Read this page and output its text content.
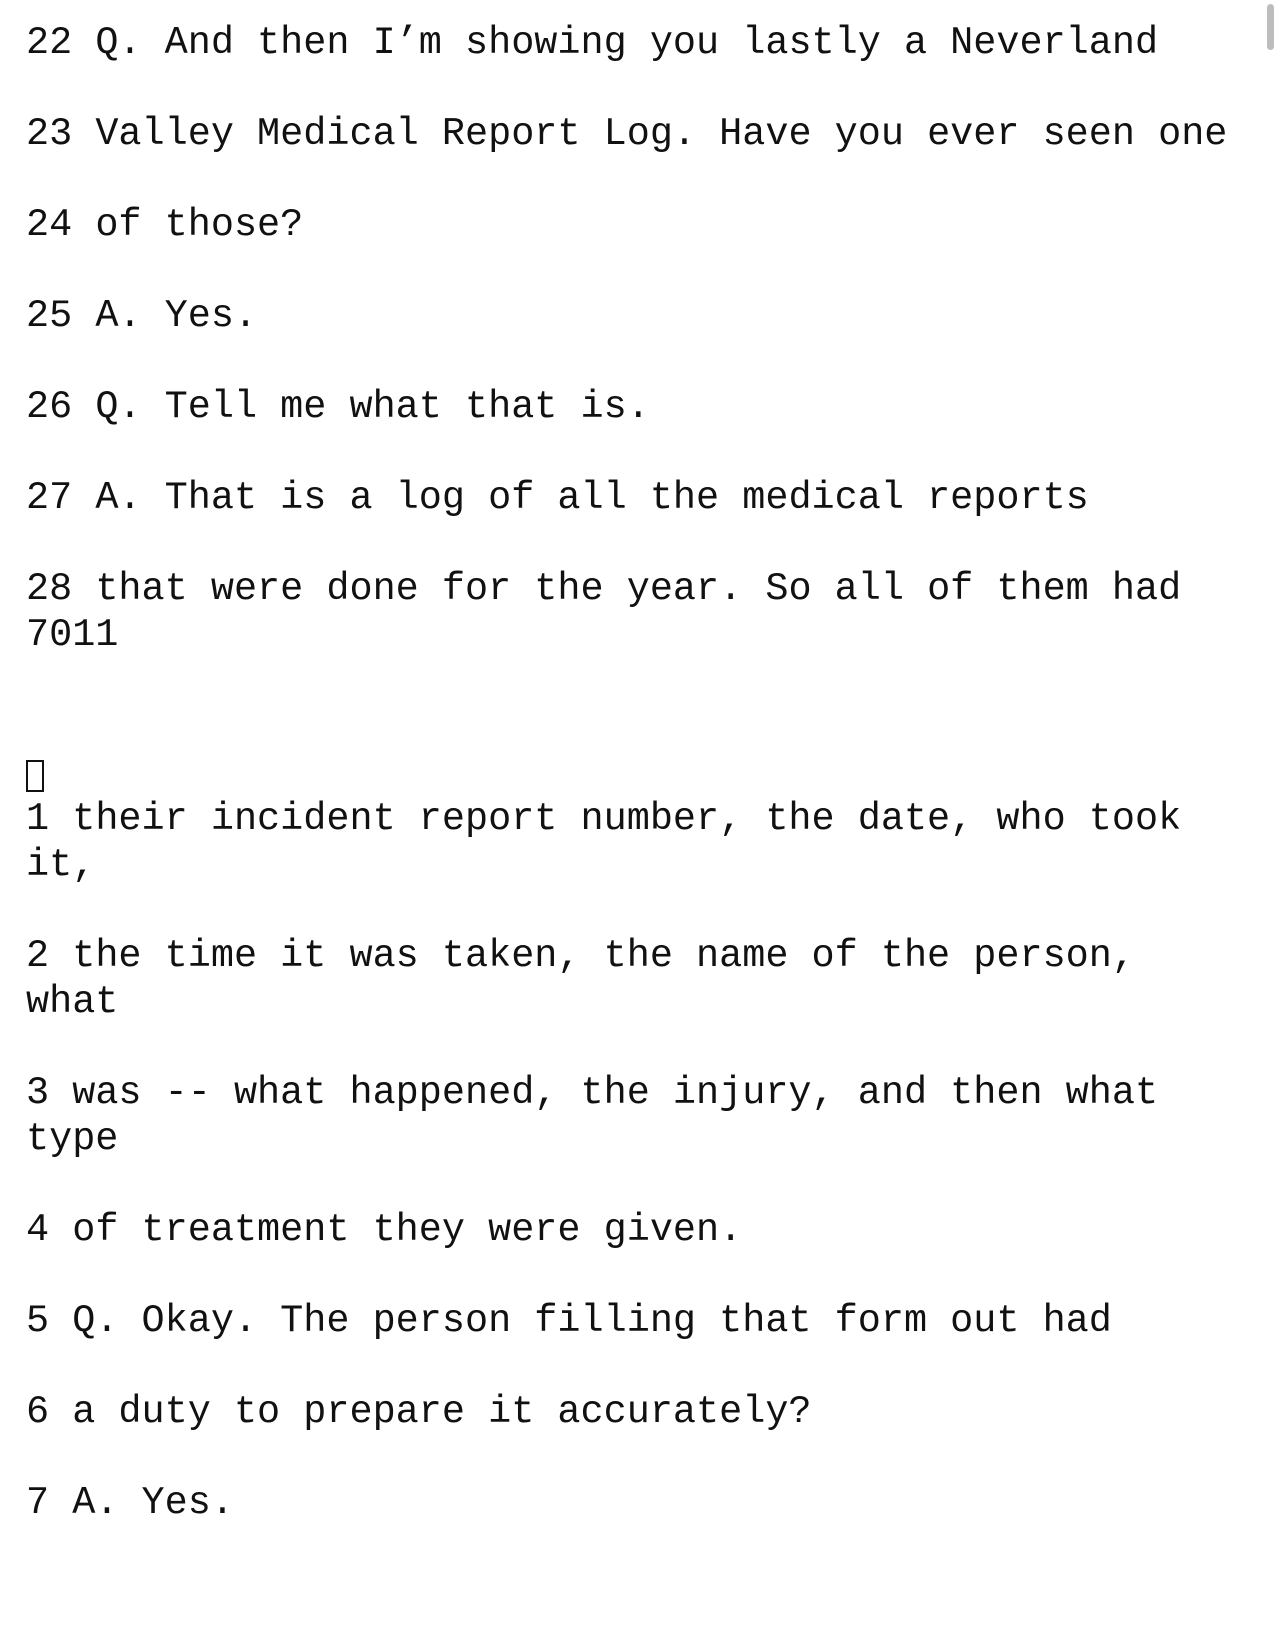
22 Q. And then I’m showing you lastly a Neverland
23 Valley Medical Report Log. Have you ever seen one
24 of those?
25 A. Yes.
26 Q. Tell me what that is.
27 A. That is a log of all the medical reports
28 that were done for the year. So all of them had 7011
1 their incident report number, the date, who took it,
2 the time it was taken, the name of the person, what
3 was -- what happened, the injury, and then what type
4 of treatment they were given.
5 Q. Okay. The person filling that form out had
6 a duty to prepare it accurately?
7 A. Yes.
